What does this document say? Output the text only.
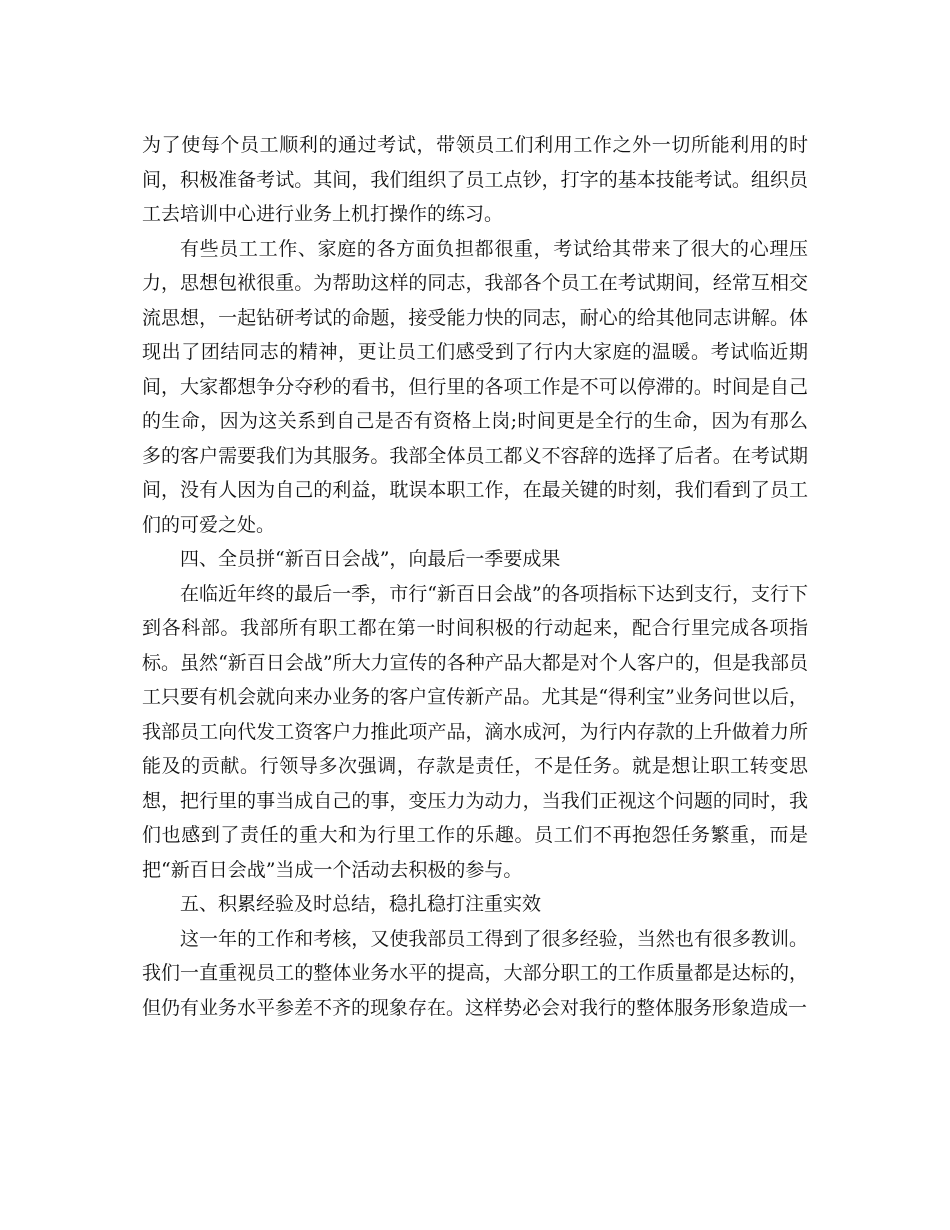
为了使每个员工顺利的通过考试，带领员工们利用工作之外一切所能利用的时间，积极准备考试。其间，我们组织了员工点钞，打字的基本技能考试。组织员工去培训中心进行业务上机打操作的练习。

有些员工工作、家庭的各方面负担都很重，考试给其带来了很大的心理压力，思想包袱很重。为帮助这样的同志，我部各个员工在考试期间，经常互相交流思想，一起钻研考试的命题，接受能力快的同志，耐心的给其他同志讲解。体现出了团结同志的精神，更让员工们感受到了行内大家庭的温暖。考试临近期间，大家都想争分夺秒的看书，但行里的各项工作是不可以停滞的。时间是自己的生命，因为这关系到自己是否有资格上岗;时间更是全行的生命，因为有那么多的客户需要我们为其服务。我部全体员工都义不容辞的选择了后者。在考试期间，没有人因为自己的利益，耽误本职工作，在最关键的时刻，我们看到了员工们的可爱之处。

四、全员拼“新百日会战”，向最后一季要成果

在临近年终的最后一季，市行“新百日会战”的各项指标下达到支行，支行下到各科部。我部所有职工都在第一时间积极的行动起来，配合行里完成各项指标。虽然“新百日会战”所大力宣传的各种产品大都是对个人客户的，但是我部员工只要有机会就向来办业务的客户宣传新产品。尤其是“得利宝”业务问世以后，我部员工向代发工资客户力推此项产品，滴水成河，为行内存款的上升做着力所能及的贡献。行领导多次强调，存款是责任，不是任务。就是想让职工转变思想，把行里的事当成自己的事，变压力为动力，当我们正视这个问题的同时，我们也感到了责任的重大和为行里工作的乐趣。员工们不再抱怨任务繁重，而是把“新百日会战”当成一个活动去积极的参与。

五、积累经验及时总结，稳扎稳打注重实效

这一年的工作和考核，又使我部员工得到了很多经验，当然也有很多教训。我们一直重视员工的整体业务水平的提高，大部分职工的工作质量都是达标的，但仍有业务水平参差不齐的现象存在。这样势必会对我行的整体服务形象造成一
